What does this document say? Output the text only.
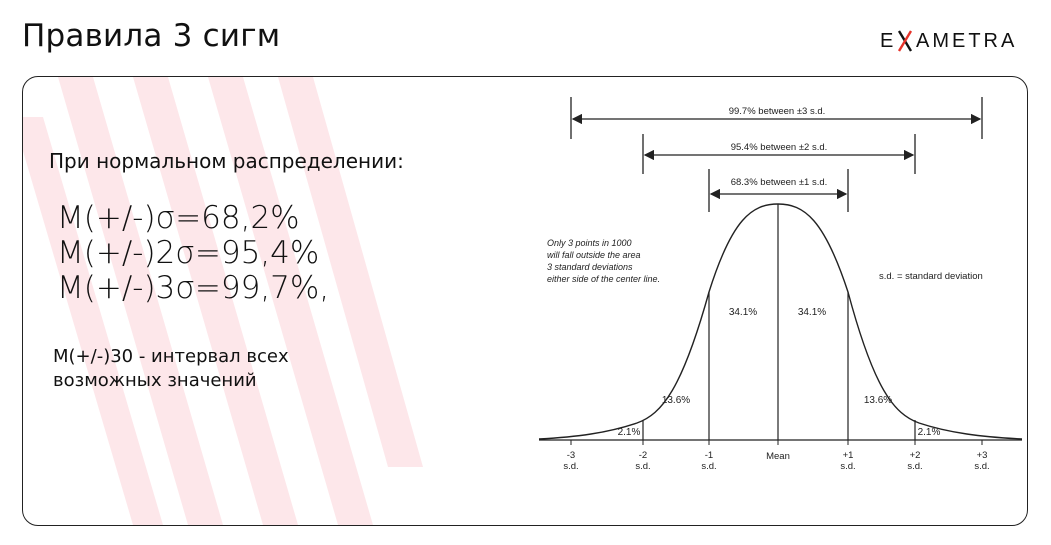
Правила 3 сигм	E AMETRA
При нормальном распределении:
M(+/-)σ=68,2%
M(+/-)2σ=95,4%
M(+/-)3σ=99,7%,
M(+/-)30 - интервал всех возможных значений
99.7% between ±3 s.d.
95.4% between ±2 s.d.
68.3% between ±1 s.d.
2.1%
13.6%
34.1%	34.1%
13.6%
2.1%
-3
s.d.
-2
s.d.
-1
s.d.
Mean	+1
s.d.
+2
s.d.
+3
s.d.
Only 3 points in 1000
will fall outside the area
3 standard deviations
either side of the center line.	s.d. = standard deviation
